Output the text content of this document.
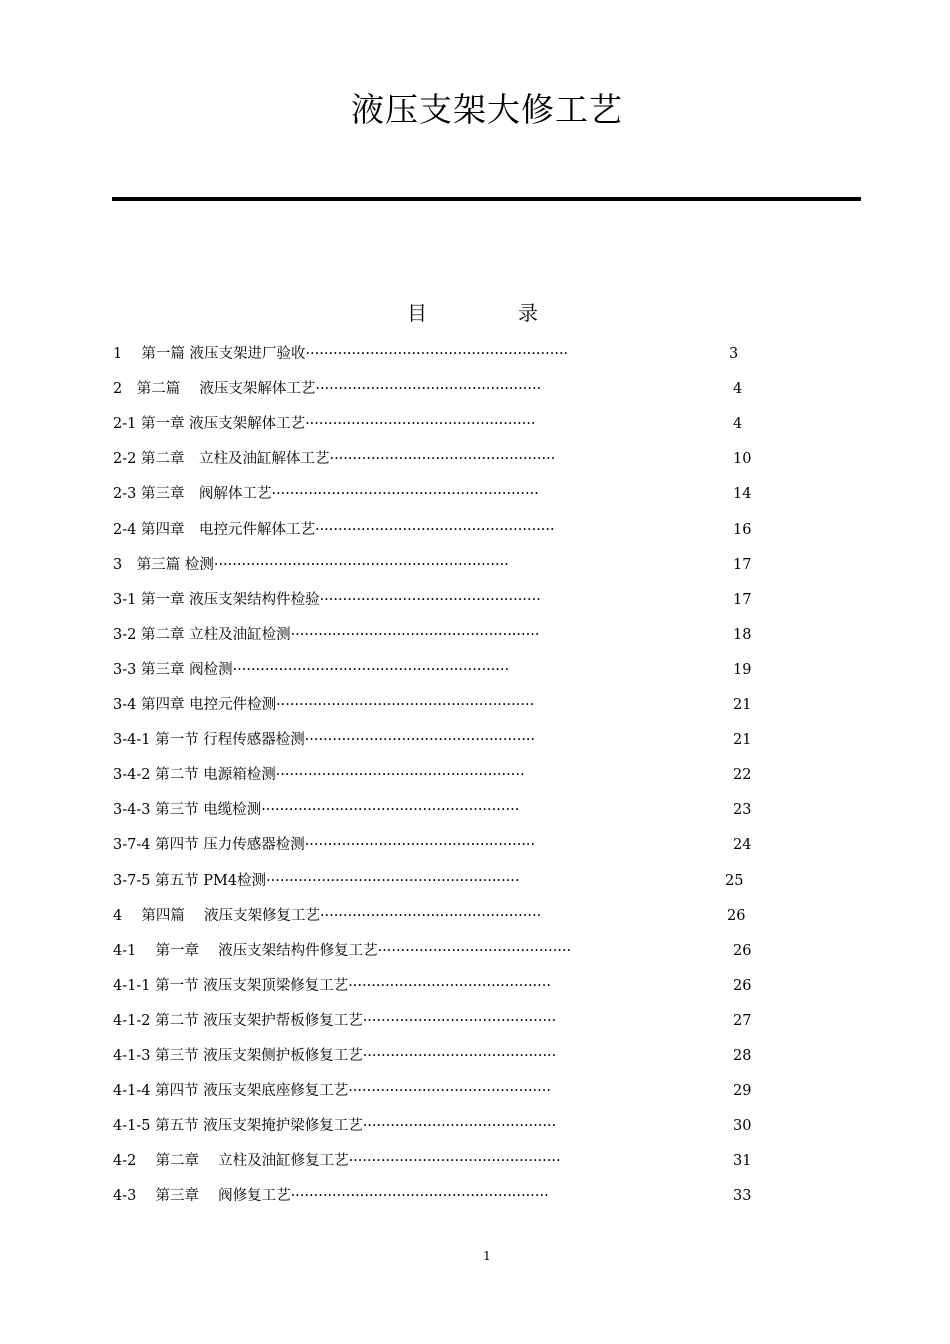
液压支架大修工艺
目	录
1　 第一篇 液压支架进厂验收·························································	3
2　第二篇　 液压支架解体工艺·················································	4
2-1 第一章 液压支架解体工艺··················································	4
2-2 第二章　立柱及油缸解体工艺·················································	10
2-3 第三章　阀解体工艺··························································	14
2-4 第四章　电控元件解体工艺····················································	16
3　第三篇 检测································································	17
3-1 第一章 液压支架结构件检验················································	17
3-2 第二章 立柱及油缸检测······················································	18
3-3 第三章 阀检测····························································	19
3-4 第四章 电控元件检测························································	21
3-4-1 第一节 行程传感器检测··················································	21
3-4-2 第二节 电源箱检测······················································	22
3-4-3 第三节 电缆检测························································	23
3-7-4 第四节 压力传感器检测··················································	24
3-7-5 第五节 PM4检测·······················································	25
4　 第四篇　 液压支架修复工艺················································	26
4-1　 第一章　 液压支架结构件修复工艺··········································	26
4-1-1 第一节 液压支架顶梁修复工艺············································	26
4-1-2 第二节 液压支架护帮板修复工艺··········································	27
4-1-3 第三节 液压支架侧护板修复工艺··········································	28
4-1-4 第四节 液压支架底座修复工艺············································	29
4-1-5 第五节 液压支架掩护梁修复工艺··········································	30
4-2　 第二章　 立柱及油缸修复工艺··············································	31
4-3　 第三章　 阀修复工艺························································	33
1
